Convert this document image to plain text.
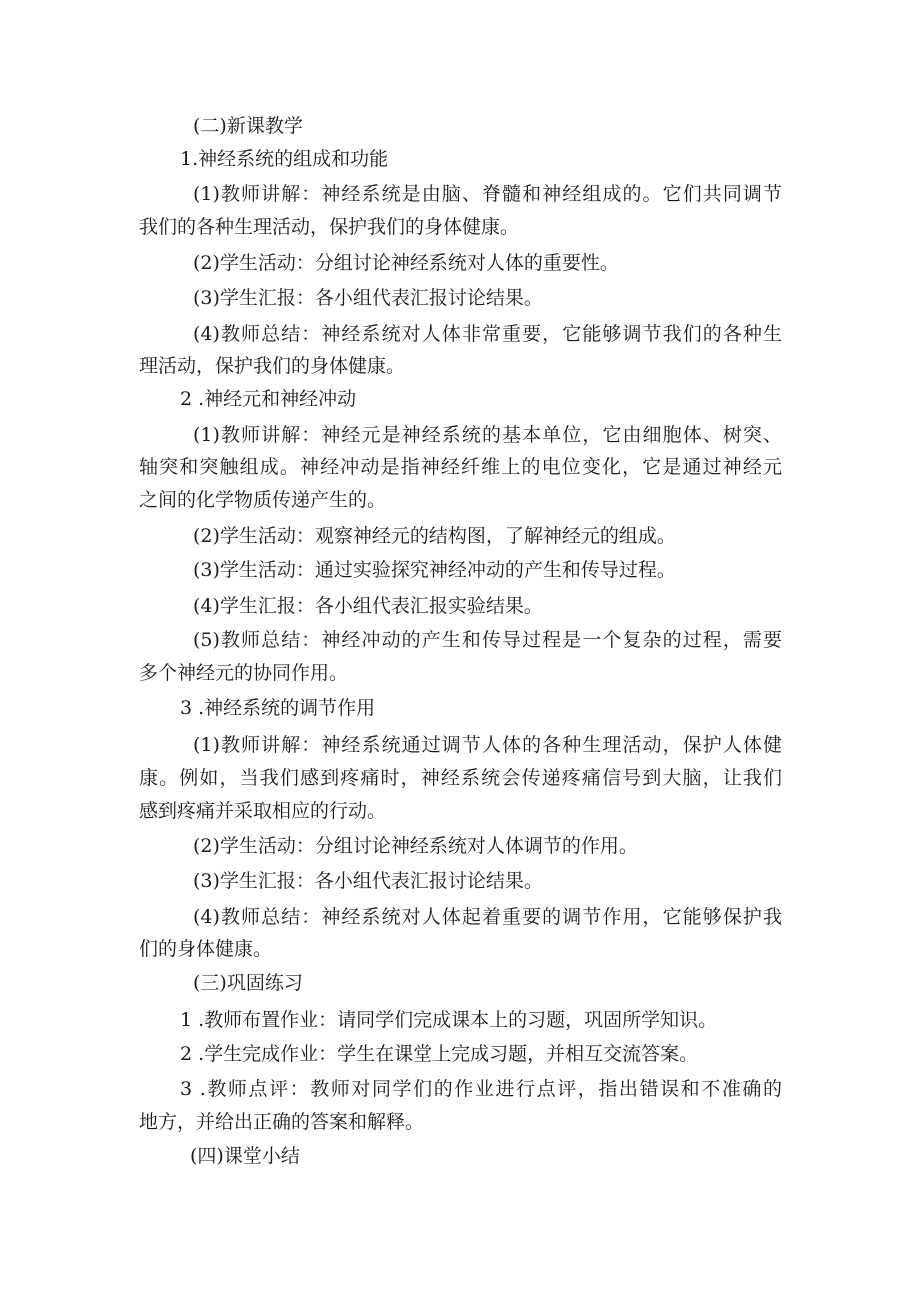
(二)新课教学
1.神经系统的组成和功能
(1)教师讲解：神经系统是由脑、脊髓和神经组成的。它们共同调节
我们的各种生理活动，保护我们的身体健康。
(2)学生活动：分组讨论神经系统对人体的重要性。
(3)学生汇报：各小组代表汇报讨论结果。
(4)教师总结：神经系统对人体非常重要，它能够调节我们的各种生
理活动，保护我们的身体健康。
2 .神经元和神经冲动
(1)教师讲解：神经元是神经系统的基本单位，它由细胞体、树突、
轴突和突触组成。神经冲动是指神经纤维上的电位变化，它是通过神经元
之间的化学物质传递产生的。
(2)学生活动：观察神经元的结构图，了解神经元的组成。
(3)学生活动：通过实验探究神经冲动的产生和传导过程。
(4)学生汇报：各小组代表汇报实验结果。
(5)教师总结：神经冲动的产生和传导过程是一个复杂的过程，需要
多个神经元的协同作用。
3 .神经系统的调节作用
(1)教师讲解：神经系统通过调节人体的各种生理活动，保护人体健
康。例如，当我们感到疼痛时，神经系统会传递疼痛信号到大脑，让我们
感到疼痛并采取相应的行动。
(2)学生活动：分组讨论神经系统对人体调节的作用。
(3)学生汇报：各小组代表汇报讨论结果。
(4)教师总结：神经系统对人体起着重要的调节作用，它能够保护我
们的身体健康。
(三)巩固练习
1 .教师布置作业：请同学们完成课本上的习题，巩固所学知识。
2 .学生完成作业：学生在课堂上完成习题，并相互交流答案。
3 .教师点评：教师对同学们的作业进行点评，指出错误和不准确的
地方，并给出正确的答案和解释。
(四)课堂小结
